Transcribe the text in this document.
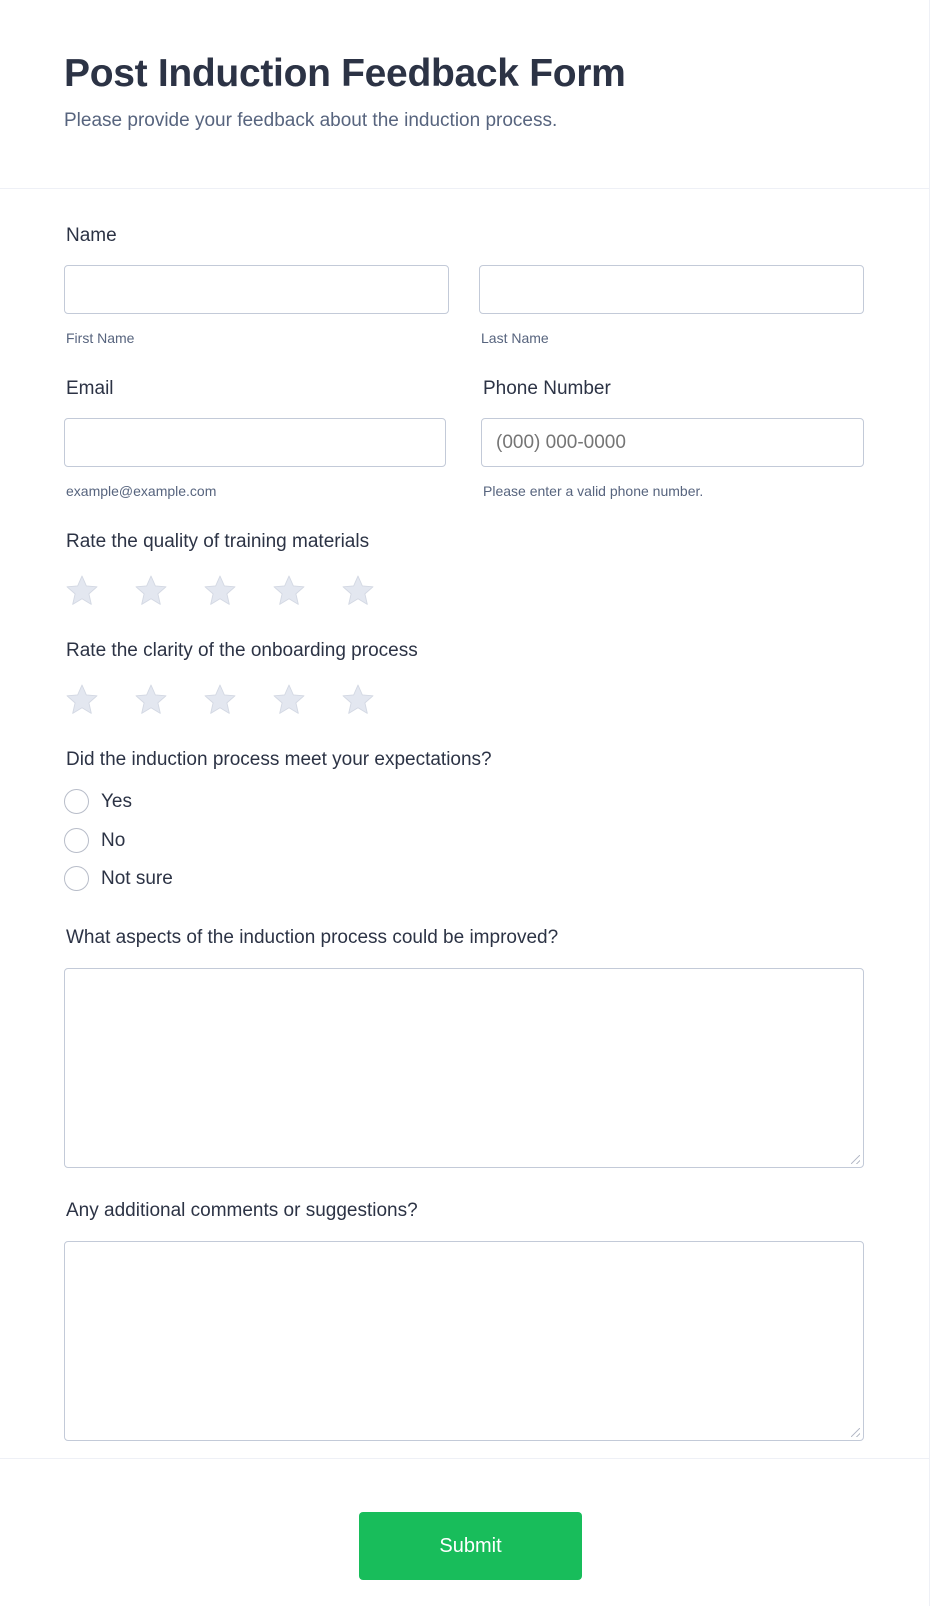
Post Induction Feedback Form
Please provide your feedback about the induction process.
Name
First Name	Last Name
Email	Phone Number
(000) 000-0000
example@example.com	Please enter a valid phone number.
Rate the quality of training materials
Rate the clarity of the onboarding process
Did the induction process meet your expectations?
Yes
No
Not sure
What aspects of the induction process could be improved?
Any additional comments or suggestions?
Submit
